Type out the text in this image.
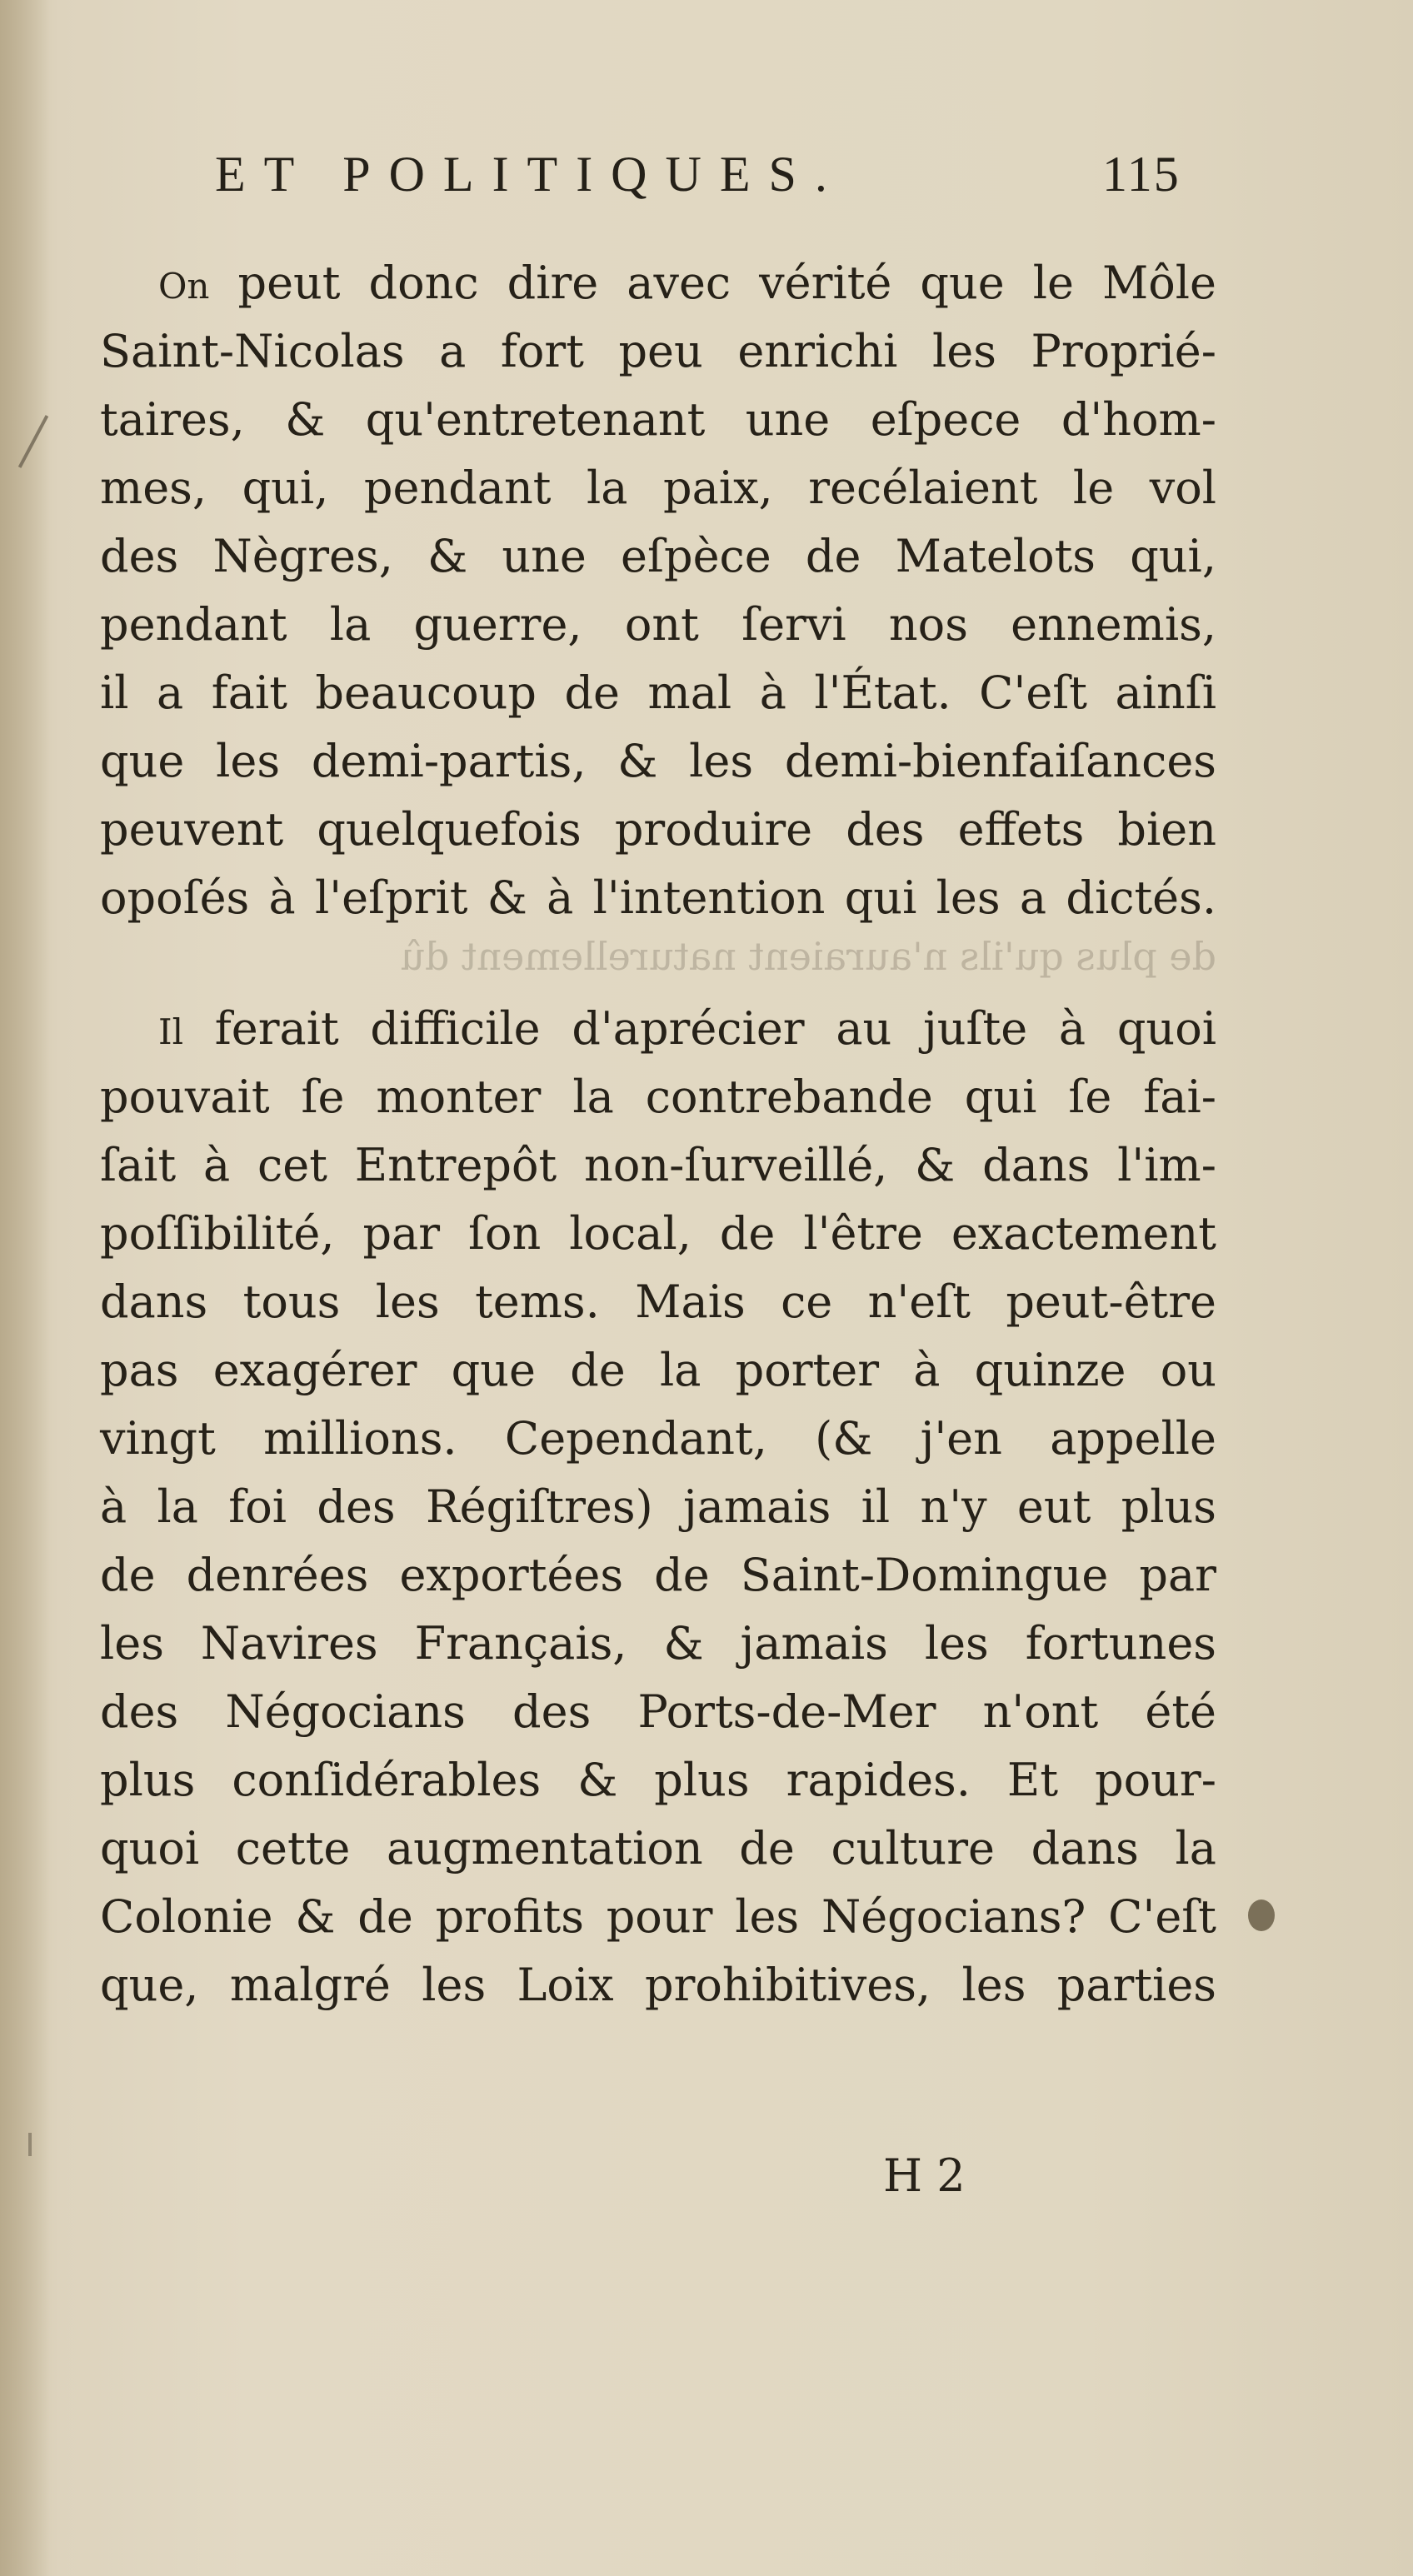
ET POLITIQUES.	115
On peut donc dire avec vérité que le Môle
Saint-Nicolas a fort peu enrichi les Proprié-
taires, & qu'entretenant une eſpece d'hom-
mes, qui, pendant la paix, recélaient le vol
des Nègres, & une eſpèce de Matelots qui,
pendant la guerre, ont ſervi nos ennemis,
il a fait beaucoup de mal à l'État. C'eſt ainſi
que les demi-partis, & les demi-bienfaiſances
peuvent quelquefois produire des effets bien
opoſés à l'eſprit & à l'intention qui les a dictés.
de plus qu'ils n'auraient naturellement dû
Il ferait difficile d'aprécier au juſte à quoi
pouvait ſe monter la contrebande qui ſe fai-
ſait à cet Entrepôt non-ſurveillé, & dans l'im-
poſſibilité, par ſon local, de l'être exactement
dans tous les tems. Mais ce n'eſt peut-être
pas exagérer que de la porter à quinze ou
vingt millions. Cependant, (& j'en appelle
à la foi des Régiſtres) jamais il n'y eut plus
de denrées exportées de Saint-Domingue par
les Navires Français, & jamais les fortunes
des Négocians des Ports-de-Mer n'ont été
plus conſidérables & plus rapides. Et pour-
quoi cette augmentation de culture dans la
Colonie & de profits pour les Négocians? C'eſt
que, malgré les Loix prohibitives, les parties
H 2
